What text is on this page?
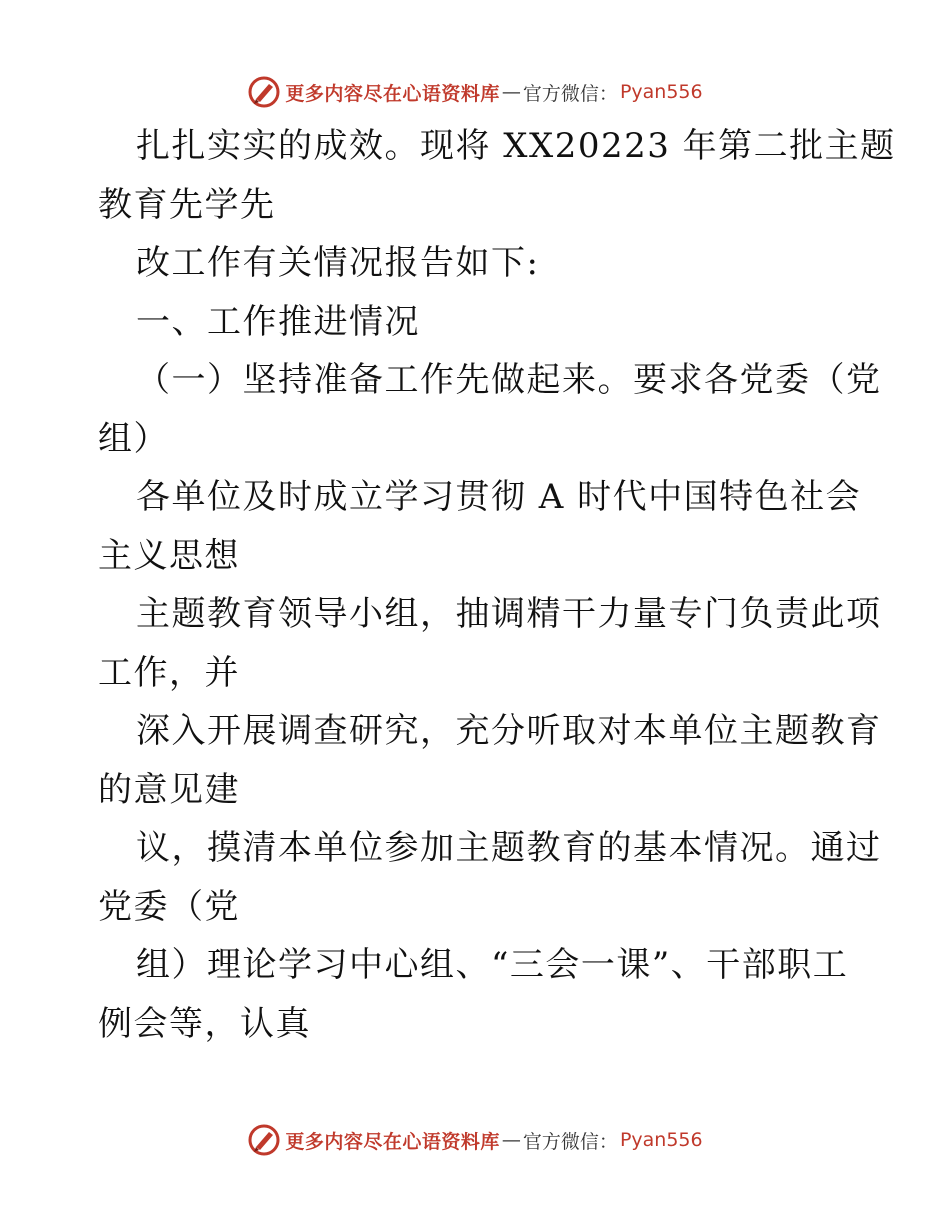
更多内容尽在心语资料库 — 官方微信： Pyan556
扎扎实实的成效。现将 XX20223 年第二批主题
教育先学先
改工作有关情况报告如下:
一、工作推进情况
（一）坚持准备工作先做起来。要求各党委（党
组）
各单位及时成立学习贯彻 A 时代中国特色社会
主义思想
主题教育领导小组，抽调精干力量专门负责此项
工作，并
深入开展调查研究，充分听取对本单位主题教育
的意见建
议，摸清本单位参加主题教育的基本情况。通过
党委（党
组）理论学习中心组、“三会一课”、干部职工
例会等，认真
更多内容尽在心语资料库 — 官方微信： Pyan556
